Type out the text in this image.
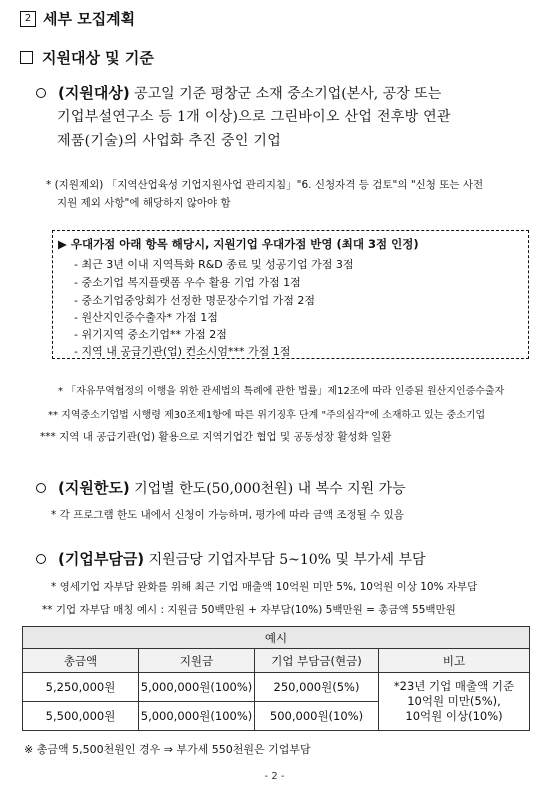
2 세부 모집계획
지원대상 및 기준
(지원대상) 공고일 기준 평창군 소재 중소기업(본사, 공장 또는
기업부설연구소 등 1개 이상)으로 그린바이오 산업 전후방 연관
제품(기술)의 사업화 추진 중인 기업
* (지원제외) 「지역산업육성 기업지원사업 관리지침」"6. 신청자격 등 검토"의 "신청 또는 사전
지원 제외 사항"에 해당하지 않아야 함
▶ 우대가점 아래 항목 해당시, 지원기업 우대가점 반영 (최대 3점 인정)
- 최근 3년 이내 지역특화 R&D 종료 및 성공기업 가점 3점
- 중소기업 복지플랫폼 우수 활용 기업 가점 1점
- 중소기업중앙회가 선정한 명문장수기업 가점 2점
- 원산지인증수출자* 가점 1점
- 위기지역 중소기업** 가점 2점
- 지역 내 공급기관(업) 컨소시엄*** 가점 1점
* 「자유무역협정의 이행을 위한 관세법의 특례에 관한 법률」제12조에 따라 인증된 원산지인증수출자
** 지역중소기업법 시행령 제30조제1항에 따른 위기징후 단계 "주의심각"에 소재하고 있는 중소기업
*** 지역 내 공급기관(업) 활용으로 지역기업간 협업 및 공동성장 활성화 일환
(지원한도) 기업별 한도(50,000천원) 내 복수 지원 가능
* 각 프로그램 한도 내에서 신청이 가능하며, 평가에 따라 금액 조정될 수 있음
(기업부담금) 지원금당 기업자부담 5~10% 및 부가세 부담
* 영세기업 자부담 완화를 위해 최근 기업 매출액 10억원 미만 5%, 10억원 이상 10% 자부담
** 기업 자부담 매칭 예시 : 지원금 50백만원 + 자부담(10%) 5백만원 = 총금액 55백만원
예시			
총금액	지원금	기업 부담금(현금)	비고
5,250,000원	5,000,000원(100%)	250,000원(5%)	*23년 기업 매출액 기준
10억원 미만(5%),
10억원 이상(10%)

5,500,000원	5,000,000원(100%)	500,000원(10%)	
※ 총금액 5,500천원인 경우 ⇒ 부가세 550천원은 기업부담
- 2 -
